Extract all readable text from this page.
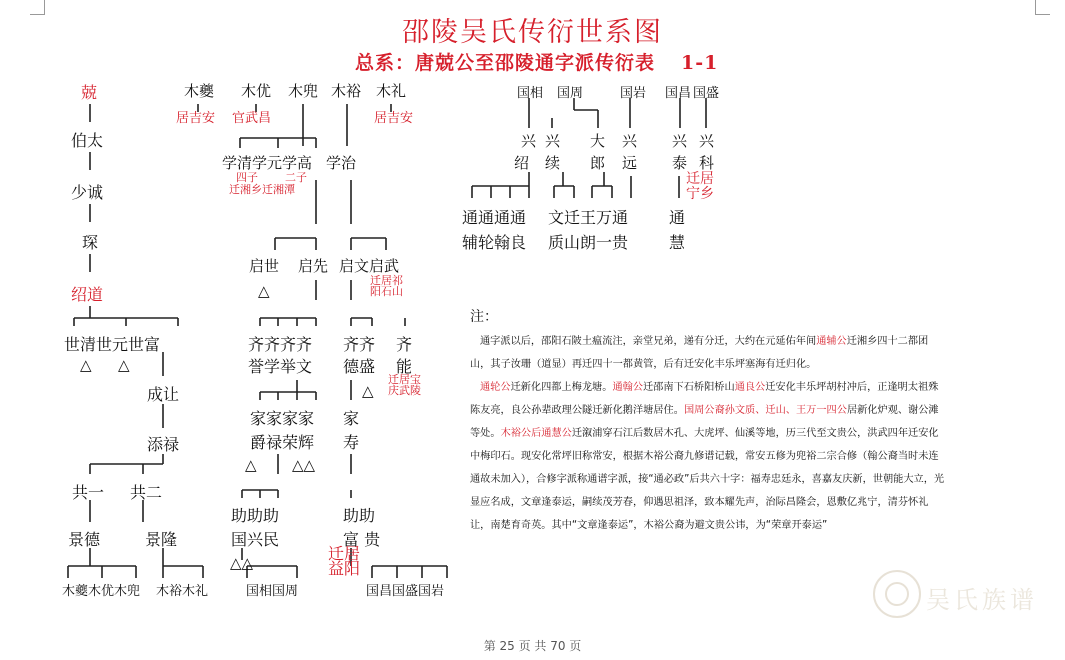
邵陵吴氏传衍世系图
总系：唐兢公至邵陵通字派传衍表 1-1
兢
伯太
少诚
琛
绍道
世清世元世富
△ △
成让
添禄
共一 共二
景德	景隆
木夔木优木兜 木裕木礼
木夔 木优 木兜 木裕 木礼
居吉安 官武昌	居吉安
学清学元学高 学治
四子 二子
迁湘乡迁湘潭
启世 启先 启文启武
△
迁居祁阳石山
齐齐齐齐
誉学举文
齐齐
德盛
齐
能
△
迁居宝庆武陵
家家家家
爵禄荣辉
家
寿
△ △△
助助助
国兴民
助助
富 贵
迁居益阳
△△
国相国周	国昌国盛国岩
国相 国周	国岩 国昌 国盛
兴 兴 大 兴 兴 兴
绍 续 郎 远 泰 科
迁居宁乡
通通通通
辅轮翰良
文迁王万通
质山朗一贵
通
慧
注：
通字派以后，邵阳石陂土瘟流注，亲堂兄弟，递有分迁，大约在元延佑年间通辅公迁湘乡四十二都团山，其子汝珊（道显）再迁四十一都黄管，后有迁安化丰乐坪塞海有迁归化。
通轮公迁新化四都上梅龙塘。通翰公迁邵南下石桥阳桥山通良公迁安化丰乐坪胡村冲后，正逢明太祖殊陈友亮，良公孙辈政理公隧迁新化鹅洋塘居住。国周公裔孙文质、迁山、王万一四公居新化炉观、谢公滩等处。木裕公后通慧公迁溆浦穿石江后数居木孔、大虎坪、仙溪等地，历三代至文贵公，洪武四年迁安化中梅印石。现安化常坪旧称常安，根据木裕公裔九修谱记载，常安五修为兜裕二宗合修（翰公裔当时未连通故未加入），合修字派称通谱字派，接“通必政”后共六十字：福寿忠廷永，喜嘉友庆新，世朝能大立，光显应名成，文章逢泰运，嗣续茂芳春，仰遇思祖泽，致本耀先声，治际昌隆会，恩敷亿兆宁，清芬怀礼让，南楚育奇英。其中“文章逢泰运”，木裕公裔为避文贵公讳，为“荣章开泰运”
第 25 页 共 70 页
吴氏族谱
